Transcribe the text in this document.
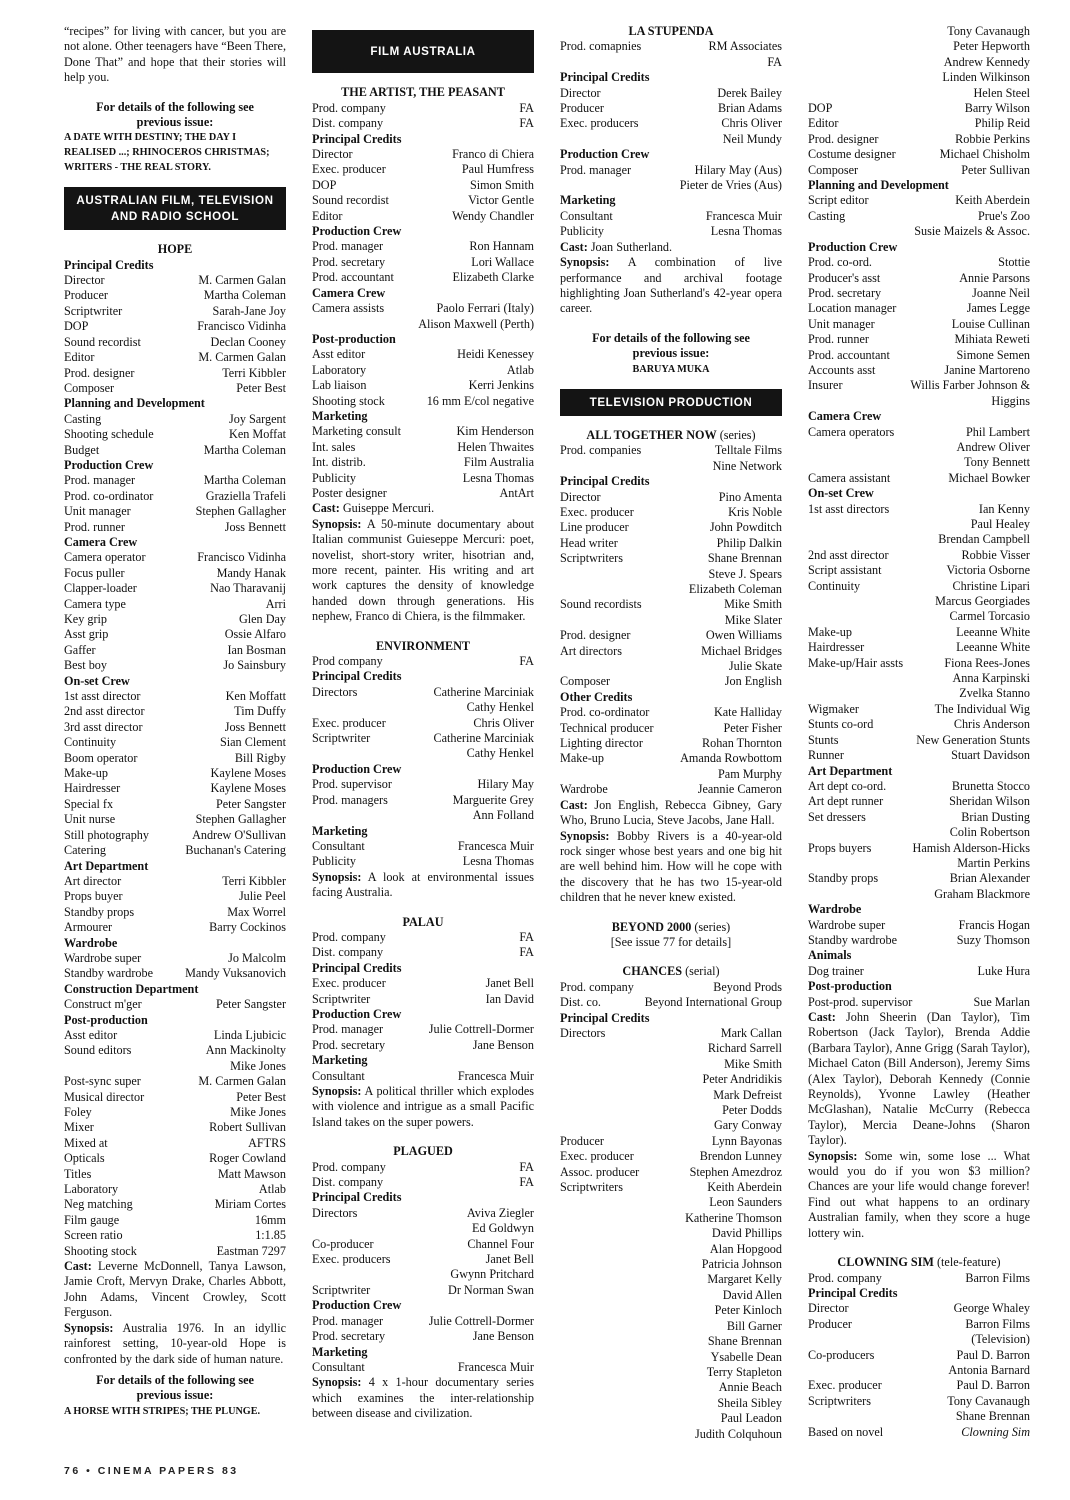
“recipes” for living with cancer, but you are not alone. Other teenagers have “Been There, Done That” and hope that their stories will help you.
For details of the following see previous issue:
A DATE WITH DESTINY; THE DAY I REALISED ...; RHINOCEROS CHRISTMAS; WRITERS - THE REAL STORY.
AUSTRALIAN FILM, TELEVISION AND RADIO SCHOOL
HOPE
Principal Credits
Director	M. Carmen Galan
Producer	Martha Coleman
Scriptwriter	Sarah-Jane Joy
DOP	Francisco Vidinha
Sound recordist	Declan Cooney
Editor	M. Carmen Galan
Prod. designer	Terri Kibbler
Composer	Peter Best
Planning and Development
Casting	Joy Sargent
Shooting schedule	Ken Moffat
Budget	Martha Coleman
Production Crew
Prod. manager	Martha Coleman
Prod. co-ordinator	Graziella Trafeli
Unit manager	Stephen Gallagher
Prod. runner	Joss Bennett
Camera Crew
Camera operator	Francisco Vidinha
Focus puller	Mandy Hanak
Clapper-loader	Nao Tharavanij
Camera type	Arri
Key grip	Glen Day
Asst grip	Ossie Alfaro
Gaffer	Ian Bosman
Best boy	Jo Sainsbury
On-set Crew
1st asst director	Ken Moffatt
2nd asst director	Tim Duffy
3rd asst director	Joss Bennett
Continuity	Sian Clement
Boom operator	Bill Rigby
Make-up	Kaylene Moses
Hairdresser	Kaylene Moses
Special fx	Peter Sangster
Unit nurse	Stephen Gallagher
Still photography	Andrew O'Sullivan
Catering	Buchanan's Catering
Art Department
Art director	Terri Kibbler
Props buyer	Julie Peel
Standby props	Max Worrel
Armourer	Barry Cockinos
Wardrobe
Wardrobe super	Jo Malcolm
Standby wardrobe	Mandy Vuksanovich
Construction Department
Construct m'ger	Peter Sangster
Post-production
Asst editor	Linda Ljubicic
Sound editors	Ann Mackinolty
Mike Jones
Post-sync super	M. Carmen Galan
Musical director	Peter Best
Foley	Mike Jones
Mixer	Robert Sullivan
Mixed at	AFTRS
Opticals	Roger Cowland
Titles	Matt Mawson
Laboratory	Atlab
Neg matching	Miriam Cortes
Film gauge	16mm
Screen ratio	1:1.85
Shooting stock	Eastman 7297
Cast: Leverne McDonnell, Tanya Lawson, Jamie Croft, Mervyn Drake, Charles Abbott, John Adams, Vincent Crowley, Scott Ferguson.
Synopsis: Australia 1976. In an idyllic rainforest setting, 10-year-old Hope is confronted by the dark side of human nature.
For details of the following see previous issue:
A HORSE WITH STRIPES; THE PLUNGE.
FILM AUSTRALIA
THE ARTIST, THE PEASANT
Prod. company	FA
Dist. company	FA
Principal Credits
Director	Franco di Chiera
Exec. producer	Paul Humfress
DOP	Simon Smith
Sound recordist	Victor Gentle
Editor	Wendy Chandler
Production Crew
Prod. manager	Ron Hannam
Prod. secretary	Lori Wallace
Prod. accountant	Elizabeth Clarke
Camera Crew
Camera assists	Paolo Ferrari (Italy)
Alison Maxwell (Perth)
Post-production
Asst editor	Heidi Kenessey
Laboratory	Atlab
Lab liaison	Kerri Jenkins
Shooting stock	16 mm E/col negative
Marketing
Marketing consult	Kim Henderson
Int. sales	Helen Thwaites
Int. distrib.	Film Australia
Publicity	Lesna Thomas
Poster designer	AntArt
Cast: Guiseppe Mercuri.
Synopsis: A 50-minute documentary about Italian communist Guieseppe Mercuri: poet, novelist, short-story writer, hisotrian and, more recent, painter. His writing and art work captures the density of knowledge handed down through generations. His nephew, Franco di Chiera, is the filmmaker.
ENVIRONMENT
Prod company	FA
Principal Credits
Directors	Catherine Marciniak
Cathy Henkel
Exec. producer	Chris Oliver
Scriptwriter	Catherine Marciniak
Cathy Henkel
Production Crew
Prod. supervisor	Hilary May
Prod. managers	Marguerite Grey
Ann Folland
Marketing
Consultant	Francesca Muir
Publicity	Lesna Thomas
Synopsis: A look at environmental issues facing Australia.
PALAU
Prod. company	FA
Dist. company	FA
Principal Credits
Exec. producer	Janet Bell
Scriptwriter	Ian David
Production Crew
Prod. manager	Julie Cottrell-Dormer
Prod. secretary	Jane Benson
Marketing
Consultant	Francesca Muir
Synopsis: A political thriller which explodes with violence and intrigue as a small Pacific Island takes on the super powers.
PLAGUED
Prod. company	FA
Dist. company	FA
Principal Credits
Directors	Aviva Ziegler
Ed Goldwyn
Co-producer	Channel Four
Exec. producers	Janet Bell
Gwynn Pritchard
Scriptwriter	Dr Norman Swan
Production Crew
Prod. manager	Julie Cottrell-Dormer
Prod. secretary	Jane Benson
Marketing
Consultant	Francesca Muir
Synopsis: 4 x 1-hour documentary series which examines the inter-relationship between disease and civilization.
LA STUPENDA
Prod. comapnies	RM Associates
FA
Principal Credits
Director	Derek Bailey
Producer	Brian Adams
Exec. producers	Chris Oliver
Neil Mundy
Production Crew
Prod. manager	Hilary May (Aus)
Pieter de Vries (Aus)
Marketing
Consultant	Francesca Muir
Publicity	Lesna Thomas
Cast: Joan Sutherland.
Synopsis: A combination of live performance and archival footage highlighting Joan Sutherland's 42-year opera career.
For details of the following see previous issue:
BARUYA MUKA
TELEVISION PRODUCTION
ALL TOGETHER NOW (series)
Prod. companies	Telltale Films
Nine Network
Principal Credits
Director	Pino Amenta
Exec. producer	Kris Noble
Line producer	John Powditch
Head writer	Philip Dalkin
Scriptwriters	Shane Brennan
Steve J. Spears
Elizabeth Coleman
Sound recordists	Mike Smith
Mike Slater
Prod. designer	Owen Williams
Art directors	Michael Bridges
Julie Skate
Composer	Jon English
Other Credits
Prod. co-ordinator	Kate Halliday
Technical producer	Peter Fisher
Lighting director	Rohan Thornton
Make-up	Amanda Rowbottom
Pam Murphy
Wardrobe	Jeannie Cameron
Cast: Jon English, Rebecca Gibney, Gary Who, Bruno Lucia, Steve Jacobs, Jane Hall.
Synopsis: Bobby Rivers is a 40-year-old rock singer whose best years and one big hit are well behind him. How will he cope with the discovery that he has two 15-year-old children that he never knew existed.
BEYOND 2000 (series)
[See issue 77 for details]
CHANCES (serial)
Prod. company	Beyond Prods
Dist. co.	Beyond International Group
Principal Credits
Directors	Mark Callan
Richard Sarrell
Mike Smith
Peter Andridikis
Mark Defreist
Peter Dodds
Gary Conway
Producer	Lynn Bayonas
Exec. producer	Brendon Lunney
Assoc. producer	Stephen Amezdroz
Scriptwriters	Keith Aberdein
Leon Saunders
Katherine Thomson
David Phillips
Alan Hopgood
Patricia Johnson
Margaret Kelly
David Allen
Peter Kinloch
Bill Garner
Shane Brennan
Ysabelle Dean
Terry Stapleton
Annie Beach
Sheila Sibley
Paul Leadon
Judith Colquhoun
Tony Cavanaugh
Peter Hepworth
Andrew Kennedy
Linden Wilkinson
Helen Steel
DOP	Barry Wilson
Editor	Philip Reid
Prod. designer	Robbie Perkins
Costume designer	Michael Chisholm
Composer	Peter Sullivan
Planning and Development
Script editor	Keith Aberdein
Casting	Prue's Zoo
Susie Maizels & Assoc.
Production Crew
Prod. co-ord.	Stottie
Producer's asst	Annie Parsons
Prod. secretary	Joanne Neil
Location manager	James Legge
Unit manager	Louise Cullinan
Prod. runner	Mihiata Reweti
Prod. accountant	Simone Semen
Accounts asst	Janine Martoreno
Insurer	Willis Farber Johnson &
Higgins
Camera Crew
Camera operators	Phil Lambert
Andrew Oliver
Tony Bennett
Camera assistant	Michael Bowker
On-set Crew
1st asst directors	Ian Kenny
Paul Healey
Brendan Campbell
2nd asst director	Robbie Visser
Script assistant	Victoria Osborne
Continuity	Christine Lipari
Marcus Georgiades
Carmel Torcasio
Make-up	Leeanne White
Hairdresser	Leeanne White
Make-up/Hair assts	Fiona Rees-Jones
Anna Karpinski
Zvelka Stanno
Wigmaker	The Individual Wig
Stunts co-ord	Chris Anderson
Stunts	New Generation Stunts
Runner	Stuart Davidson
Art Department
Art dept co-ord.	Brunetta Stocco
Art dept runner	Sheridan Wilson
Set dressers	Brian Dusting
Colin Robertson
Props buyers	Hamish Alderson-Hicks
Martin Perkins
Standby props	Brian Alexander
Graham Blackmore
Wardrobe
Wardrobe super	Francis Hogan
Standby wardrobe	Suzy Thomson
Animals
Dog trainer	Luke Hura
Post-production
Post-prod. supervisor	Sue Marlan
Cast: John Sheerin (Dan Taylor), Tim Robertson (Jack Taylor), Brenda Addie (Barbara Taylor), Anne Grigg (Sarah Taylor), Michael Caton (Bill Anderson), Jeremy Sims (Alex Taylor), Deborah Kennedy (Connie Reynolds), Yvonne Lawley (Heather McGlashan), Natalie McCurry (Rebecca Taylor), Mercia Deane-Johns (Sharon Taylor).
Synopsis: Some win, some lose ... What would you do if you won $3 million? Chances are your life would change forever! Find out what happens to an ordinary Australian family, when they score a huge lottery win.
CLOWNING SIM (tele-feature)
Prod. company	Barron Films
Principal Credits
Director	George Whaley
Producer	Barron Films
(Television)
Co-producers	Paul D. Barron
Antonia Barnard
Exec. producer	Paul D. Barron
Scriptwriters	Tony Cavanaugh
Shane Brennan
Based on novel	Clowning Sim
76 • CINEMA PAPERS 83
